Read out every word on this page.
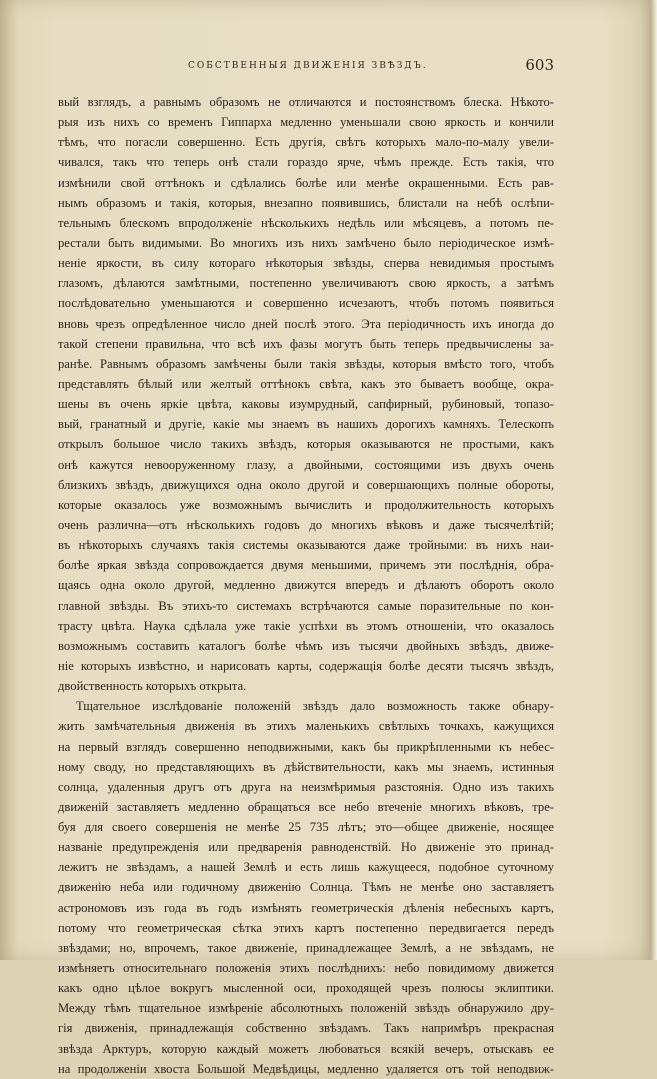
СОБСТВЕННЫЯ ДВИЖЕНІЯ ЗВѢЗДЪ.	603
вый взглядъ, а равнымъ образомъ не отличаются и постоянствомъ блеска. Нѣкото-
рыя изъ нихъ со временъ Гиппарха медленно уменьшали свою яркость и кончили
тѣмъ, что погасли совершенно. Есть другія, свѣтъ которыхъ мало-по-малу увели-
чивался, такъ что теперь онѣ стали гораздо ярче, чѣмъ прежде. Есть такія, что
измѣнили свой оттѣнокъ и сдѣлались болѣе или менѣе окрашенными. Есть рав-
нымъ образомъ и такія, которыя, внезапно появившись, блистали на небѣ ослѣпи-
тельнымъ блескомъ впродолженіе нѣсколькихъ недѣль или мѣсяцевъ, а потомъ пе-
рестали быть видимыми. Во многихъ изъ нихъ замѣчено было періодическое измѣ-
неніе яркости, въ силу котораго нѣкоторыя звѣзды, сперва невидимыя простымъ
глазомъ, дѣлаются замѣтными, постепенно увеличиваютъ свою яркость, а затѣмъ
послѣдовательно уменьшаются и совершенно исчезаютъ, чтобъ потомъ появиться
вновь чрезъ опредѣленное число дней послѣ этого. Эта періодичность ихъ иногда до
такой степени правильна, что всѣ ихъ фазы могутъ быть теперь предвычислены за-
ранѣе. Равнымъ образомъ замѣчены были такія звѣзды, которыя вмѣсто того, чтобъ
представлять бѣлый или желтый оттѣнокъ свѣта, какъ это бываетъ вообще, окра-
шены въ очень яркіе цвѣта, каковы изумрудный, сапфирный, рубиновый, топазо-
вый, гранатный и другіе, какіе мы знаемъ въ нашихъ дорогихъ камняхъ. Телескопъ
открылъ большое число такихъ звѣздъ, которыя оказываются не простыми, какъ
онѣ кажутся невооруженному глазу, а двойными, состоящими изъ двухъ очень
близкихъ звѣздъ, движущихся одна около другой и совершающихъ полные обороты,
которые оказалось уже возможнымъ вычислить и продолжительность которыхъ
очень различна—отъ нѣсколькихъ годовъ до многихъ вѣковъ и даже тысячелѣтій;
въ нѣкоторыхъ случаяхъ такія системы оказываются даже тройными: въ нихъ наи-
болѣе яркая звѣзда сопровождается двумя меньшими, причемъ эти послѣднія, обра-
щаясь одна около другой, медленно движутся впередъ и дѣлаютъ оборотъ около
главной звѣзды. Въ этихъ-то системахъ встрѣчаются самые поразительные по кон-
трасту цвѣта. Наука сдѣлала уже такіе успѣхи въ этомъ отношеніи, что оказалось
возможнымъ составить каталогъ болѣе чѣмъ изъ тысячи двойныхъ звѣздъ, движе-
ніе которыхъ извѣстно, и нарисовать карты, содержащія болѣе десяти тысячъ звѣздъ,
двойственность которыхъ открыта.
Тщательное изслѣдованіе положеній звѣздъ дало возможность также обнару-
жить замѣчательныя движенія въ этихъ маленькихъ свѣтлыхъ точкахъ, кажущихся
на первый взглядъ совершенно неподвижными, какъ бы прикрѣпленными къ небес-
ному своду, но представляющихъ въ дѣйствительности, какъ мы знаемъ, истинныя
солнца, удаленныя другъ отъ друга на неизмѣримыя разстоянія. Одно изъ такихъ
движеній заставляетъ медленно обращаться все небо втеченіе многихъ вѣковъ, тре-
буя для своего совершенія не менѣе 25 735 лѣтъ; это—общее движеніе, носящее
названіе предупрежденія или предваренія равноденствій. Но движеніе это принад-
лежитъ не звѣздамъ, а нашей Землѣ и есть лишь кажущееся, подобное суточному
движенію неба или годичному движенію Солнца. Тѣмъ не менѣе оно заставляетъ
астрономовъ изъ года въ годъ измѣнять геометрическія дѣленія небесныхъ картъ,
потому что геометрическая сѣтка этихъ картъ постепенно передвигается передъ
звѣздами; но, впрочемъ, такое движеніе, принадлежащее Землѣ, а не звѣздамъ, не
измѣняетъ относительнаго положенія этихъ послѣднихъ: небо повидимому движется
какъ одно цѣлое вокругъ мысленной оси, проходящей чрезъ полюсы эклиптики.
Между тѣмъ тщательное измѣреніе абсолютныхъ положеній звѣздъ обнаружило дру-
гія движенія, принадлежащія собственно звѣздамъ. Такъ напримѣръ прекрасная
звѣзда Арктуръ, которую каждый можетъ любоваться всякій вечеръ, отыскавъ ее
на продолженіи хвоста Большой Медвѣдицы, медленно удаляется отъ той неподвиж-
